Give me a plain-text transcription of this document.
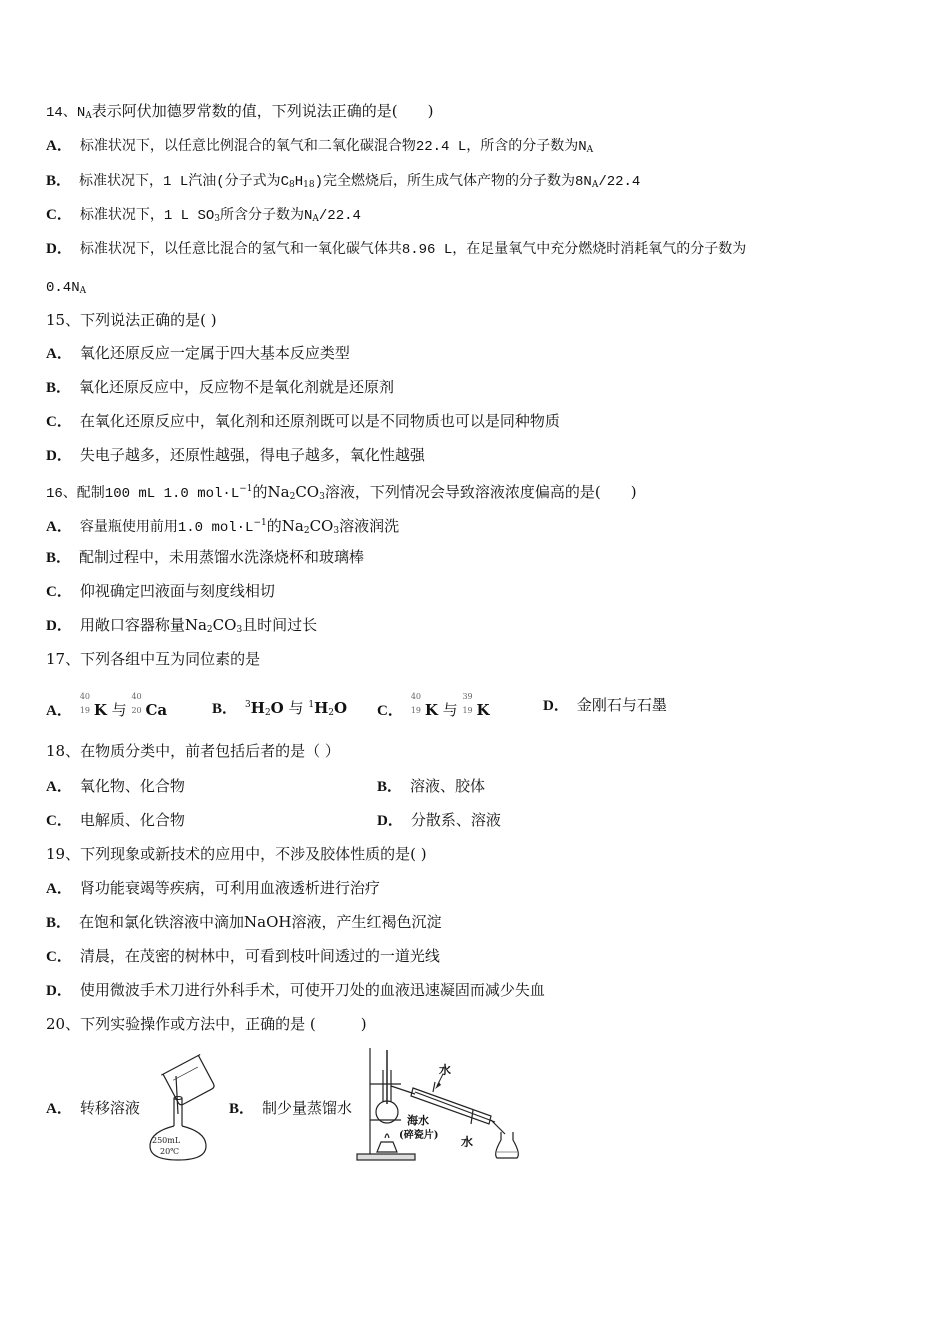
14、$N_A$表示阿伏加德罗常数的值，下列说法正确的是(　　)
A． 标准状况下，以任意比例混合的氧气和二氧化碳混合物22.4 L，所含的分子数为$N_A$
B． 标准状况下，1 L汽油(分子式为$C_8H_{18}$)完全燃烧后，所生成气体产物的分子数为$8N_A/22.4$
C． 标准状况下，1 L $SO_3$所含分子数为$N_A/22.4$
D． 标准状况下，以任意比混合的氢气和一氧化碳气体共8.96 L，在足量氧气中充分燃烧时消耗氧气的分子数为
$0.4N_A$
15、下列说法正确的是( )
A． 氧化还原反应一定属于四大基本反应类型
B． 氧化还原反应中，反应物不是氧化剂就是还原剂
C． 在氧化还原反应中，氧化剂和还原剂既可以是不同物质也可以是同种物质
D． 失电子越多，还原性越强，得电子越多，氧化性越强
16、配制100 mL 1.0 $mol\cdot L^{-1}$的$Na_2CO_3$溶液，下列情况会导致溶液浓度偏高的是(　　)
A． 容量瓶使用前用1.0 $mol\cdot L^{-1}$的$Na_2CO_3$溶液润洗
B． 配制过程中，未用蒸馏水洗涤烧杯和玻璃棒
C． 仰视确定凹液面与刻度线相切
D． 用敞口容器称量$Na_2CO_3$且时间过长
17、下列各组中互为同位素的是
A．
40
19 K 与
40
20 Ca	B． $^3H_2O$ 与 $^1H_2O$ C．
40
19 K 与
39
19 K	D． 金刚石与石墨
18、在物质分类中，前者包括后者的是（ ）
A． 氧化物、化合物	B． 溶液、胶体
C． 电解质、化合物	D． 分散系、溶液
19、下列现象或新技术的应用中，不涉及胶体性质的是( )
A． 肾功能衰竭等疾病，可利用血液透析进行治疗
B． 在饱和氯化铁溶液中滴加NaOH溶液，产生红褐色沉淀
C． 清晨，在茂密的树林中，可看到枝叶间透过的一道光线
D． 使用微波手术刀进行外科手术，可使开刀处的血液迅速凝固而减少失血
20、下列实验操作或方法中，正确的是 (　　　)
A． 转移溶液	B． 制少量蒸馏水
250mL
20℃
水
水
海水
(碎瓷片)
